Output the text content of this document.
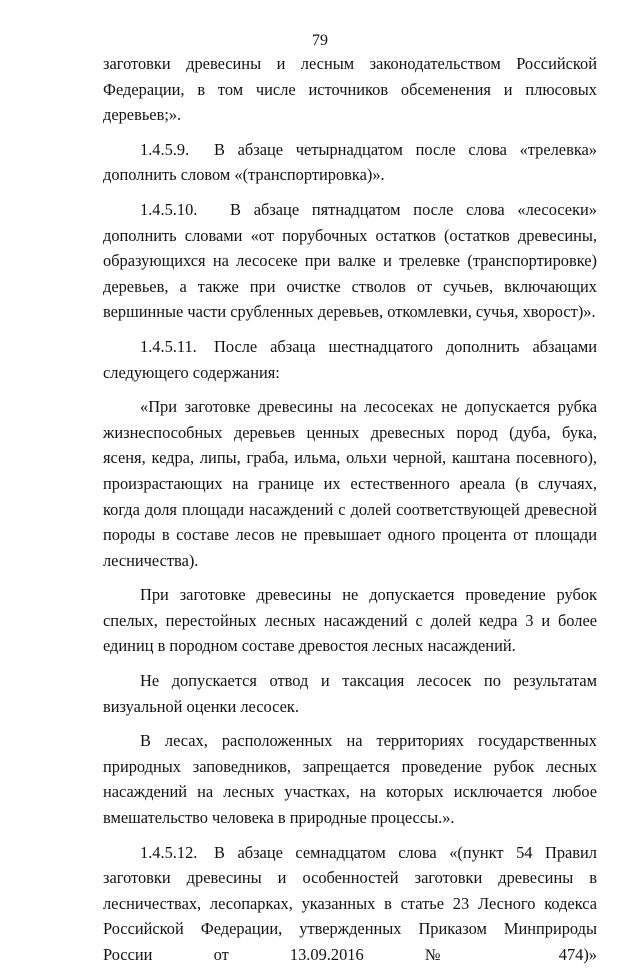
79

заготовки древесины и лесным законодательством Российской Федерации, в том числе источников обсеменения и плюсовых деревьев;».

1.4.5.9. В абзаце четырнадцатом после слова «трелевка» дополнить словом «(транспортировка)».

1.4.5.10. В абзаце пятнадцатом после слова «лесосеки» дополнить словами «от порубочных остатков (остатков древесины, образующихся на лесосеке при валке и трелевке (транспортировке) деревьев, а также при очистке стволов от сучьев, включающих вершинные части срубленных деревьев, откомлевки, сучья, хворост)».

1.4.5.11. После абзаца шестнадцатого дополнить абзацами следующего содержания:

«При заготовке древесины на лесосеках не допускается рубка жизнеспособных деревьев ценных древесных пород (дуба, бука, ясеня, кедра, липы, граба, ильма, ольхи черной, каштана посевного), произрастающих на границе их естественного ареала (в случаях, когда доля площади насаждений с долей соответствующей древесной породы в составе лесов не превышает одного процента от площади лесничества).

При заготовке древесины не допускается проведение рубок спелых, перестойных лесных насаждений с долей кедра 3 и более единиц в породном составе древостоя лесных насаждений.

Не допускается отвод и таксация лесосек по результатам визуальной оценки лесосек.

В лесах, расположенных на территориях государственных природных заповедников, запрещается проведение рубок лесных насаждений на лесных участках, на которых исключается любое вмешательство человека в природные процессы.».

1.4.5.12. В абзаце семнадцатом слова «(пункт 54 Правил заготовки древесины и особенностей заготовки древесины в лесничествах, лесопарках, указанных в статье 23 Лесного кодекса Российской Федерации, утвержденных Приказом Минприроды России от 13.09.2016 № 474)»
